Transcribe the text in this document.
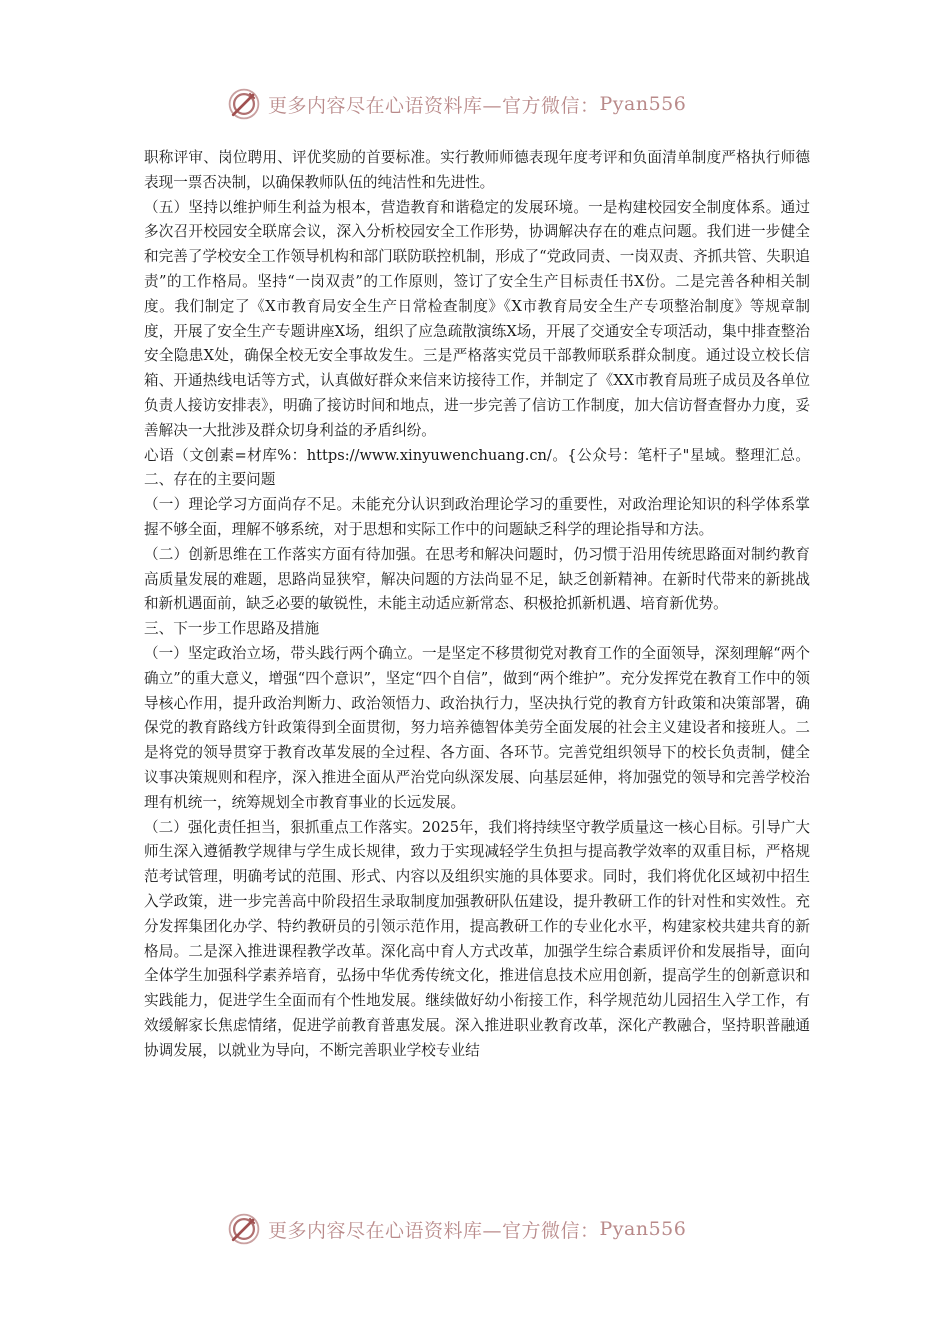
更多内容尽在心语资料库—官方微信： Pyan556

职称评审、岗位聘用、评优奖励的首要标准。实行教师师德表现年度考评和负面清单制度严格执行师德表现一票否决制，以确保教师队伍的纯洁性和先进性。

（五）坚持以维护师生利益为根本，营造教育和谐稳定的发展环境。一是构建校园安全制度体系。通过多次召开校园安全联席会议，深入分析校园安全工作形势，协调解决存在的难点问题。我们进一步健全和完善了学校安全工作领导机构和部门联防联控机制，形成了“党政同责、一岗双责、齐抓共管、失职追责”的工作格局。坚持“一岗双责”的工作原则，签订了安全生产目标责任书X份。二是完善各种相关制度。我们制定了《X市教育局安全生产日常检查制度》《X市教育局安全生产专项整治制度》等规章制度，开展了安全生产专题讲座X场，组织了应急疏散演练X场，开展了交通安全专项活动，集中排查整治安全隐患X处，确保全校无安全事故发生。三是严格落实党员干部教师联系群众制度。通过设立校长信箱、开通热线电话等方式，认真做好群众来信来访接待工作，并制定了《XX市教育局班子成员及各单位负责人接访安排表》，明确了接访时间和地点，进一步完善了信访工作制度，加大信访督查督办力度，妥善解决一大批涉及群众切身利益的矛盾纠纷。

心语（文创素=材库%：https://www.xinyuwenchuang.cn/。{公众号：笔杆子"星域。整理汇总。二、存在的主要问题

（一）理论学习方面尚存不足。未能充分认识到政治理论学习的重要性，对政治理论知识的科学体系掌握不够全面，理解不够系统，对于思想和实际工作中的问题缺乏科学的理论指导和方法。

（二）创新思维在工作落实方面有待加强。在思考和解决问题时，仍习惯于沿用传统思路面对制约教育高质量发展的难题，思路尚显狭窄，解决问题的方法尚显不足，缺乏创新精神。在新时代带来的新挑战和新机遇面前，缺乏必要的敏锐性，未能主动适应新常态、积极抢抓新机遇、培育新优势。

三、下一步工作思路及措施

（一）坚定政治立场，带头践行两个确立。一是坚定不移贯彻党对教育工作的全面领导，深刻理解“两个确立”的重大意义，增强“四个意识”，坚定“四个自信”，做到“两个维护”。充分发挥党在教育工作中的领导核心作用，提升政治判断力、政治领悟力、政治执行力，坚决执行党的教育方针政策和决策部署，确保党的教育路线方针政策得到全面贯彻，努力培养德智体美劳全面发展的社会主义建设者和接班人。二是将党的领导贯穿于教育改革发展的全过程、各方面、各环节。完善党组织领导下的校长负责制，健全议事决策规则和程序，深入推进全面从严治党向纵深发展、向基层延伸，将加强党的领导和完善学校治理有机统一，统筹规划全市教育事业的长远发展。

（二）强化责任担当，狠抓重点工作落实。2025年，我们将持续坚守教学质量这一核心目标。引导广大师生深入遵循教学规律与学生成长规律，致力于实现减轻学生负担与提高教学效率的双重目标，严格规范考试管理，明确考试的范围、形式、内容以及组织实施的具体要求。同时，我们将优化区域初中招生入学政策，进一步完善高中阶段招生录取制度加强教研队伍建设，提升教研工作的针对性和实效性。充分发挥集团化办学、特约教研员的引领示范作用，提高教研工作的专业化水平，构建家校共建共育的新格局。二是深入推进课程教学改革。深化高中育人方式改革，加强学生综合素质评价和发展指导，面向全体学生加强科学素养培育，弘扬中华优秀传统文化，推进信息技术应用创新，提高学生的创新意识和实践能力，促进学生全面而有个性地发展。继续做好幼小衔接工作，科学规范幼儿园招生入学工作，有效缓解家长焦虑情绪，促进学前教育普惠发展。深入推进职业教育改革，深化产教融合，坚持职普融通协调发展，以就业为导向，不断完善职业学校专业结

更多内容尽在心语资料库—官方微信： Pyan556
